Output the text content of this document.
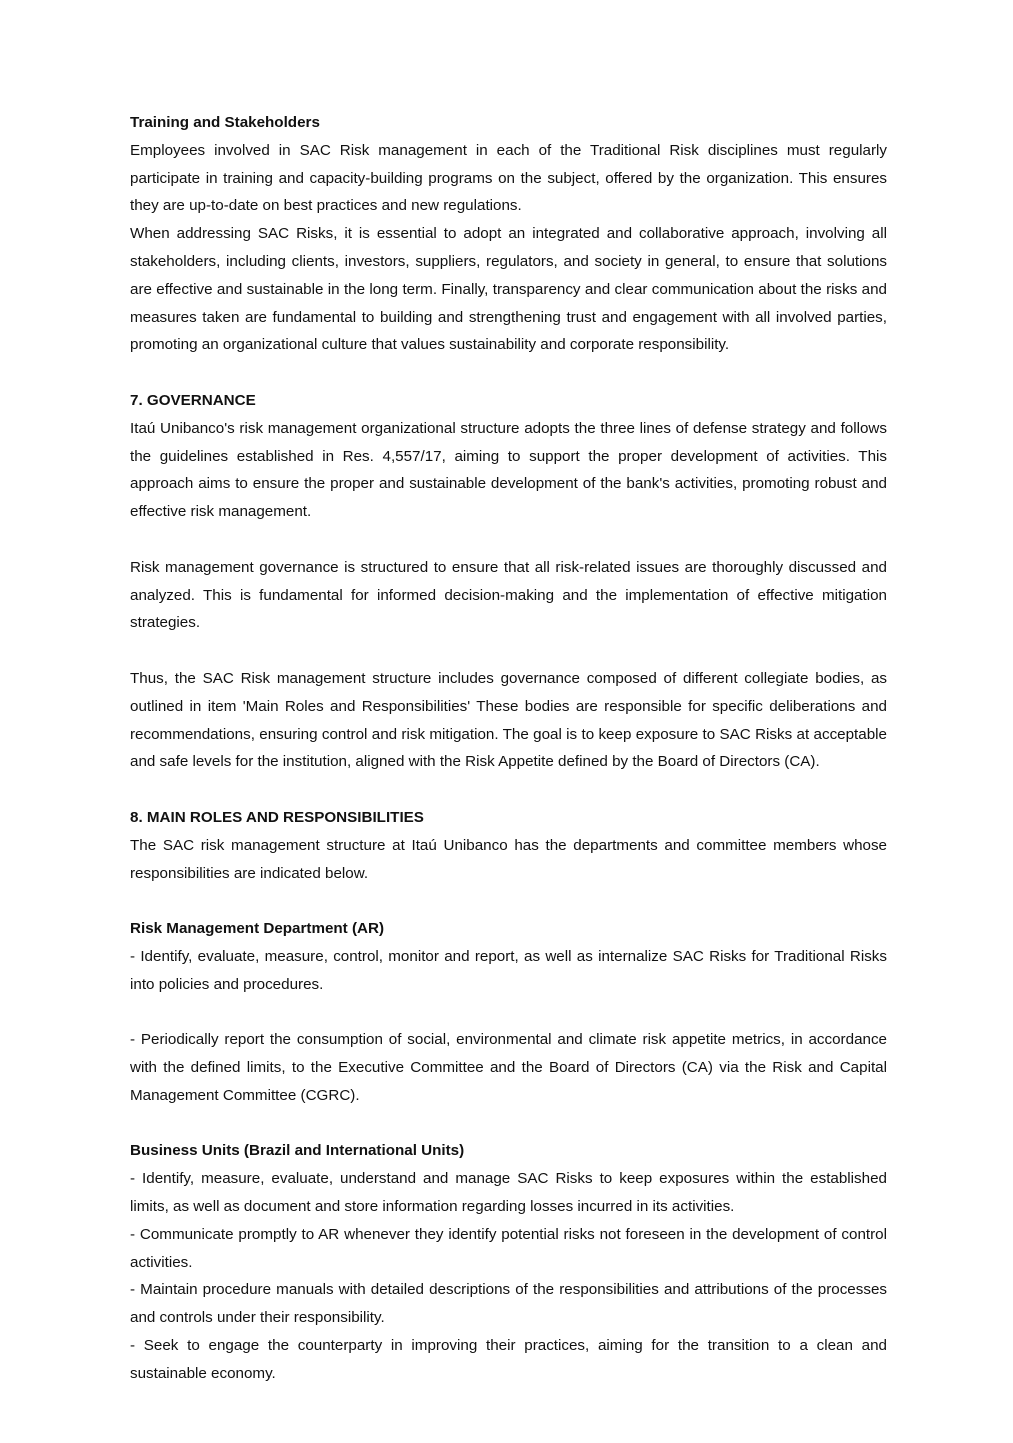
Training and Stakeholders

Employees involved in SAC Risk management in each of the Traditional Risk disciplines must regularly participate in training and capacity-building programs on the subject, offered by the organization. This ensures they are up-to-date on best practices and new regulations.

When addressing SAC Risks, it is essential to adopt an integrated and collaborative approach, involving all stakeholders, including clients, investors, suppliers, regulators, and society in general, to ensure that solutions are effective and sustainable in the long term. Finally, transparency and clear communication about the risks and measures taken are fundamental to building and strengthening trust and engagement with all involved parties, promoting an organizational culture that values sustainability and corporate responsibility.

7. GOVERNANCE

Itaú Unibanco's risk management organizational structure adopts the three lines of defense strategy and follows the guidelines established in Res. 4,557/17, aiming to support the proper development of activities. This approach aims to ensure the proper and sustainable development of the bank's activities, promoting robust and effective risk management.

Risk management governance is structured to ensure that all risk-related issues are thoroughly discussed and analyzed. This is fundamental for informed decision-making and the implementation of effective mitigation strategies.

Thus, the SAC Risk management structure includes governance composed of different collegiate bodies, as outlined in item 'Main Roles and Responsibilities' These bodies are responsible for specific deliberations and recommendations, ensuring control and risk mitigation. The goal is to keep exposure to SAC Risks at acceptable and safe levels for the institution, aligned with the Risk Appetite defined by the Board of Directors (CA).

8. MAIN ROLES AND RESPONSIBILITIES

The SAC risk management structure at Itaú Unibanco has the departments and committee members whose responsibilities are indicated below.

Risk Management Department (AR)

- Identify, evaluate, measure, control, monitor and report, as well as internalize SAC Risks for Traditional Risks into policies and procedures.

- Periodically report the consumption of social, environmental and climate risk appetite metrics, in accordance with the defined limits, to the Executive Committee and the Board of Directors (CA) via the Risk and Capital Management Committee (CGRC).

Business Units (Brazil and International Units)

- Identify, measure, evaluate, understand and manage SAC Risks to keep exposures within the established limits, as well as document and store information regarding losses incurred in its activities.

- Communicate promptly to AR whenever they identify potential risks not foreseen in the development of control activities.

- Maintain procedure manuals with detailed descriptions of the responsibilities and attributions of the processes and controls under their responsibility.

- Seek to engage the counterparty in improving their practices, aiming for the transition to a clean and sustainable economy.
